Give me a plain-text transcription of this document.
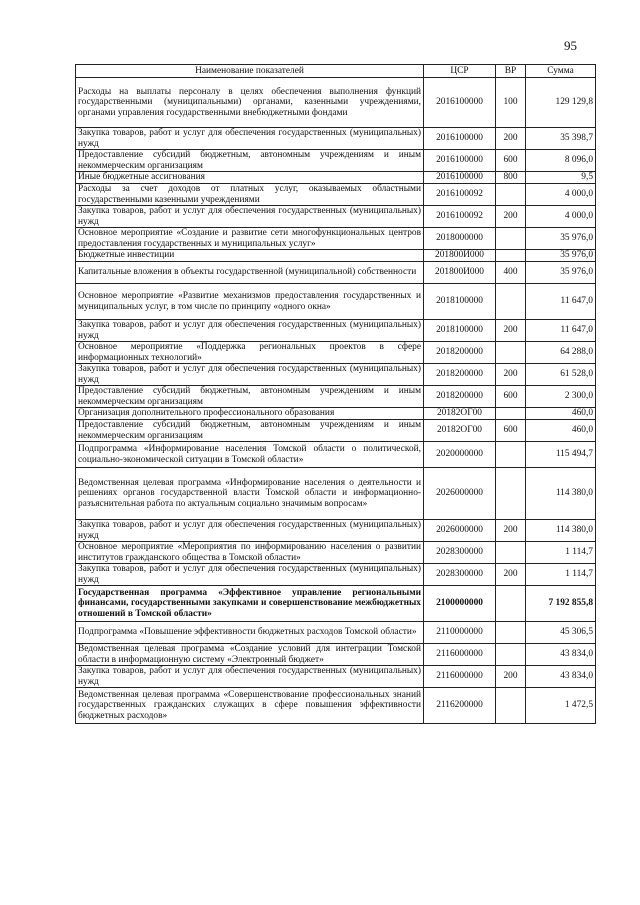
95
Наименование показателей	ЦСР	ВР	Сумма
Расходы на выплаты персоналу в целях обеспечения выполнения функций государственными (муниципальными) органами, казенными учреждениями, органами управления государственными внебюджетными фондами	2016100000	100	129 129,8
Закупка товаров, работ и услуг для обеспечения государственных (муниципальных) нужд	2016100000	200	35 398,7
Предоставление субсидий бюджетным, автономным учреждениям и иным некоммерческим организациям	2016100000	600	8 096,0
Иные бюджетные ассигнования	2016100000	800	9,5
Расходы за счет доходов от платных услуг, оказываемых областными государственными казенными учреждениями	2016100092		4 000,0
Закупка товаров, работ и услуг для обеспечения государственных (муниципальных) нужд	2016100092	200	4 000,0
Основное мероприятие «Создание и развитие сети многофункциональных центров предоставления государственных и муниципальных услуг»	2018000000		35 976,0
Бюджетные инвестиции	201800И000		35 976,0
Капитальные вложения в объекты государственной (муниципальной) собственности	201800И000	400	35 976,0
Основное мероприятие «Развитие механизмов предоставления государственных и муниципальных услуг, в том числе по принципу «одного окна»	2018100000		11 647,0
Закупка товаров, работ и услуг для обеспечения государственных (муниципальных) нужд	2018100000	200	11 647,0
Основное мероприятие «Поддержка региональных проектов в сфере информационных технологий»	2018200000		64 288,0
Закупка товаров, работ и услуг для обеспечения государственных (муниципальных) нужд	2018200000	200	61 528,0
Предоставление субсидий бюджетным, автономным учреждениям и иным некоммерческим организациям	2018200000	600	2 300,0
Организация дополнительного профессионального образования	20182ОГ00		460,0
Предоставление субсидий бюджетным, автономным учреждениям и иным некоммерческим организациям	20182ОГ00	600	460,0
Подпрограмма «Информирование населения Томской области о политической, социально-экономической ситуации в Томской области»	2020000000		115 494,7
Ведомственная целевая программа «Информирование населения о деятельности и решениях органов государственной власти Томской области и информационно-разъяснительная работа по актуальным социально значимым вопросам»	2026000000		114 380,0
Закупка товаров, работ и услуг для обеспечения государственных (муниципальных) нужд	2026000000	200	114 380,0
Основное мероприятие «Мероприятия по информированию населения о развитии институтов гражданского общества в Томской области»	2028300000		1 114,7
Закупка товаров, работ и услуг для обеспечения государственных (муниципальных) нужд	2028300000	200	1 114,7
Государственная программа «Эффективное управление региональными финансами, государственными закупками и совершенствование межбюджетных отношений в Томской области»	2100000000		7 192 855,8
Подпрограмма «Повышение эффективности бюджетных расходов Томской области»	2110000000		45 306,5
Ведомственная целевая программа «Создание условий для интеграции Томской области в информационную систему «Электронный бюджет»	2116000000		43 834,0
Закупка товаров, работ и услуг для обеспечения государственных (муниципальных) нужд	2116000000	200	43 834,0
Ведомственная целевая программа «Совершенствование профессиональных знаний государственных гражданских служащих в сфере повышения эффективности бюджетных расходов»	2116200000		1 472,5
